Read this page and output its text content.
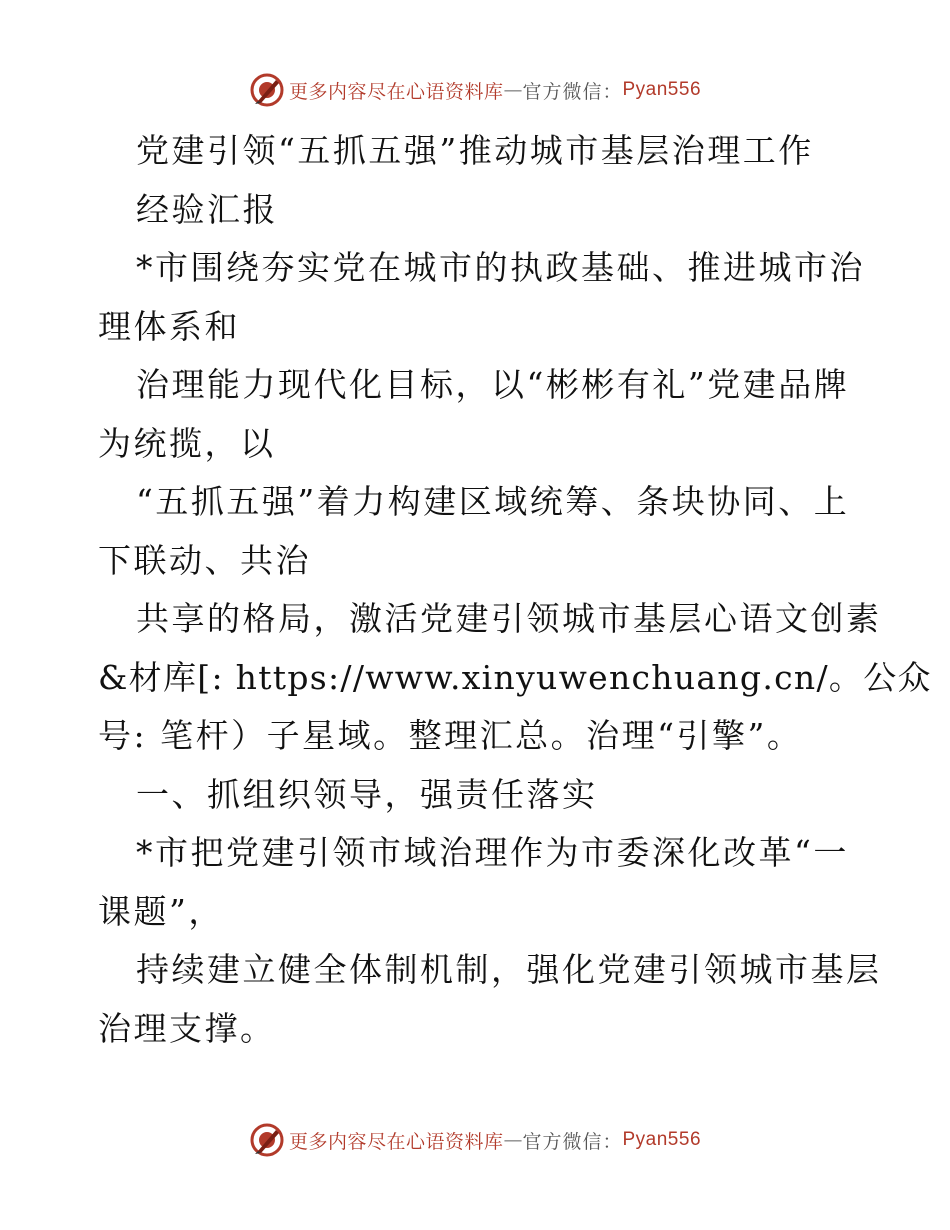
更多内容尽在心语资料库 — 官方微信： Pyan556
党建引领“五抓五强”推动城市基层治理工作
经验汇报
*市围绕夯实党在城市的执政基础、推进城市治
理体系和
治理能力现代化目标，以“彬彬有礼”党建品牌
为统揽，以
“五抓五强”着力构建区域统筹、条块协同、上
下联动、共治
共享的格局，激活党建引领城市基层心语文创素
&材库[: https://www.xinyuwenchuang.cn/。公众
号: 笔杆）子星域。整理汇总。治理“引擎”。
一、抓组织领导，强责任落实
*市把党建引领市域治理作为市委深化改革“一
课题”，
持续建立健全体制机制，强化党建引领城市基层
治理支撑。
更多内容尽在心语资料库 — 官方微信： Pyan556
